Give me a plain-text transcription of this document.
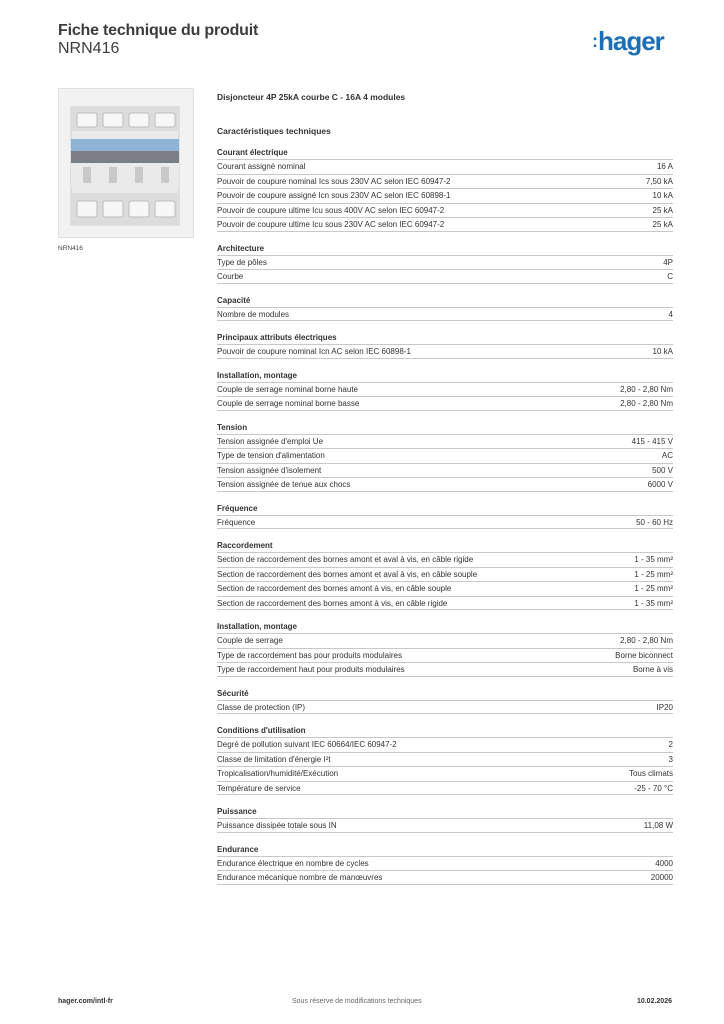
Fiche technique du produit
NRN416	:hager
NRN416
Disjoncteur 4P 25kA courbe C - 16A 4 modules
Caractéristiques techniques
Courant électrique
Courant assigné nominal	16 A
Pouvoir de coupure nominal Ics sous 230V AC selon IEC 60947-2	7,50 kA
Pouvoir de coupure assigné Icn sous 230V AC selon IEC 60898-1	10 kA
Pouvoir de coupure ultime Icu sous 400V AC selon IEC 60947-2	25 kA
Pouvoir de coupure ultime Icu sous 230V AC selon IEC 60947-2	25 kA
Architecture
Type de pôles	4P
Courbe	C
Capacité
Nombre de modules	4
Principaux attributs électriques
Pouvoir de coupure nominal Icn AC selon IEC 60898-1	10 kA
Installation, montage
Couple de serrage nominal borne haute	2,80 - 2,80 Nm
Couple de serrage nominal borne basse	2,80 - 2,80 Nm
Tension
Tension assignée d'emploi Ue	415 - 415 V
Type de tension d'alimentation	AC
Tension assignée d'isolement	500 V
Tension assignée de tenue aux chocs	6000 V
Fréquence
Fréquence	50 - 60 Hz
Raccordement
Section de raccordement des bornes amont et aval à vis, en câble rigide	1 - 35 mm²
Section de raccordement des bornes amont et aval à vis, en câble souple	1 - 25 mm²
Section de raccordement des bornes amont à vis, en câble souple	1 - 25 mm²
Section de raccordement des bornes amont à vis, en câble rigide	1 - 35 mm²
Installation, montage
Couple de serrage	2,80 - 2,80 Nm
Type de raccordement bas pour produits modulaires	Borne biconnect
Type de raccordement haut pour produits modulaires	Borne à vis
Sécurité
Classe de protection (IP)	IP20
Conditions d'utilisation
Degré de pollution suivant IEC 60664/IEC 60947-2	2
Classe de limitation d'énergie I²t	3
Tropicalisation/humidité/Exécution	Tous climats
Température de service	-25 - 70 °C
Puissance
Puissance dissipée totale sous IN	11,08 W
Endurance
Endurance électrique en nombre de cycles	4000
Endurance mécanique nombre de manœuvres	20000
hager.com/intl-fr	Sous réserve de modifications techniques	10.02.2026
